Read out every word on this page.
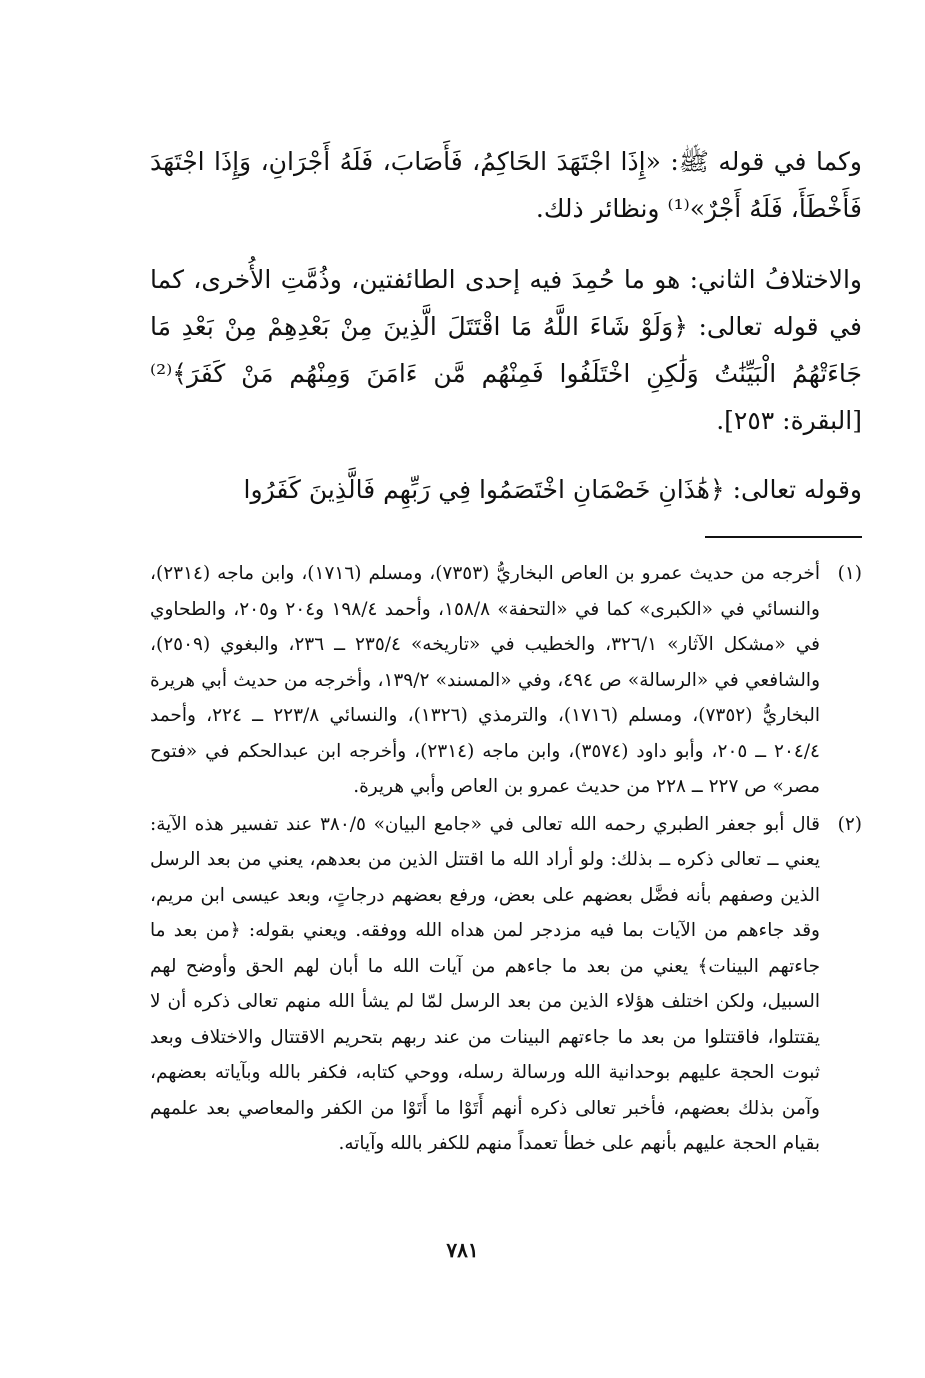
وكما في قوله ﷺ: «إِذَا اجْتَهَدَ الحَاكِمُ، فَأَصَابَ، فَلَهُ أَجْرَانِ، وَإِذَا اجْتَهَدَ فَأَخْطَأَ، فَلَهُ أَجْرٌ»⁽¹⁾ ونظائر ذلك.

والاختلافُ الثاني: هو ما حُمِدَ فيه إحدى الطائفتين، وذُمَّتِ الأُخرى، كما في قوله تعالى: ﴿وَلَوْ شَاءَ اللَّهُ مَا اقْتَتَلَ الَّذِينَ مِنْ بَعْدِهِمْ مِنْ بَعْدِ مَا جَاءَتْهُمُ الْبَيِّنَٰتُ وَلَٰكِنِ اخْتَلَفُوا فَمِنْهُم مَّن ءَامَنَ وَمِنْهُم مَنْ كَفَرَ﴾⁽²⁾ [البقرة: ٢٥٣].

وقوله تعالى: ﴿هَٰذَانِ خَصْمَانِ اخْتَصَمُوا فِي رَبِّهِم فَالَّذِينَ كَفَرُوا

(١)
أخرجه من حديث عمرو بن العاص البخاريُّ (٧٣٥٣)، ومسلم (١٧١٦)، وابن ماجه (٢٣١٤)، والنسائي في «الكبرى» كما في «التحفة» ١٥٨/٨، وأحمد ١٩٨/٤ و٢٠٤ و٢٠٥، والطحاوي في «مشكل الآثار» ٣٢٦/١، والخطيب في «تاريخه» ٢٣٥/٤ ــ ٢٣٦، والبغوي (٢٥٠٩)، والشافعي في «الرسالة» ص ٤٩٤، وفي «المسند» ١٣٩/٢، وأخرجه من حديث أبي هريرة البخاريُّ (٧٣٥٢)، ومسلم (١٧١٦)، والترمذي (١٣٢٦)، والنسائي ٢٢٣/٨ ــ ٢٢٤، وأحمد ٢٠٤/٤ ــ ٢٠٥، وأبو داود (٣٥٧٤)، وابن ماجه (٢٣١٤)، وأخرجه ابن عبدالحكم في «فتوح مصر» ص ٢٢٧ ــ ٢٢٨ من حديث عمرو بن العاص وأبي هريرة.
(٢)
قال أبو جعفر الطبري رحمه الله تعالى في «جامع البيان» ٣٨٠/٥ عند تفسير هذه الآية: يعني ــ تعالى ذكره ــ بذلك: ولو أراد الله ما اقتتل الذين من بعدهم، يعني من بعد الرسل الذين وصفهم بأنه فضَّل بعضهم على بعض، ورفع بعضهم درجاتٍ، وبعد عيسى ابن مريم، وقد جاءهم من الآيات بما فيه مزدجر لمن هداه الله ووفقه. ويعني بقوله: ﴿من بعد ما جاءتهم البينات﴾ يعني من بعد ما جاءهم من آيات الله ما أبان لهم الحق وأوضح لهم السبيل، ولكن اختلف هؤلاء الذين من بعد الرسل لمّا لم يشأ الله منهم تعالى ذكره أن لا يقتتلوا، فاقتتلوا من بعد ما جاءتهم البينات من عند ربهم بتحريم الاقتتال والاختلاف وبعد ثبوت الحجة عليهم بوحدانية الله ورسالة رسله، ووحي كتابه، فكفر بالله وبآياته بعضهم، وآمن بذلك بعضهم، فأخبر تعالى ذكره أنهم أَتَوْا ما أَتَوْا من الكفر والمعاصي بعد علمهم بقيام الحجة عليهم بأنهم على خطأ تعمداً منهم للكفر بالله وآياته.
٧٨١
